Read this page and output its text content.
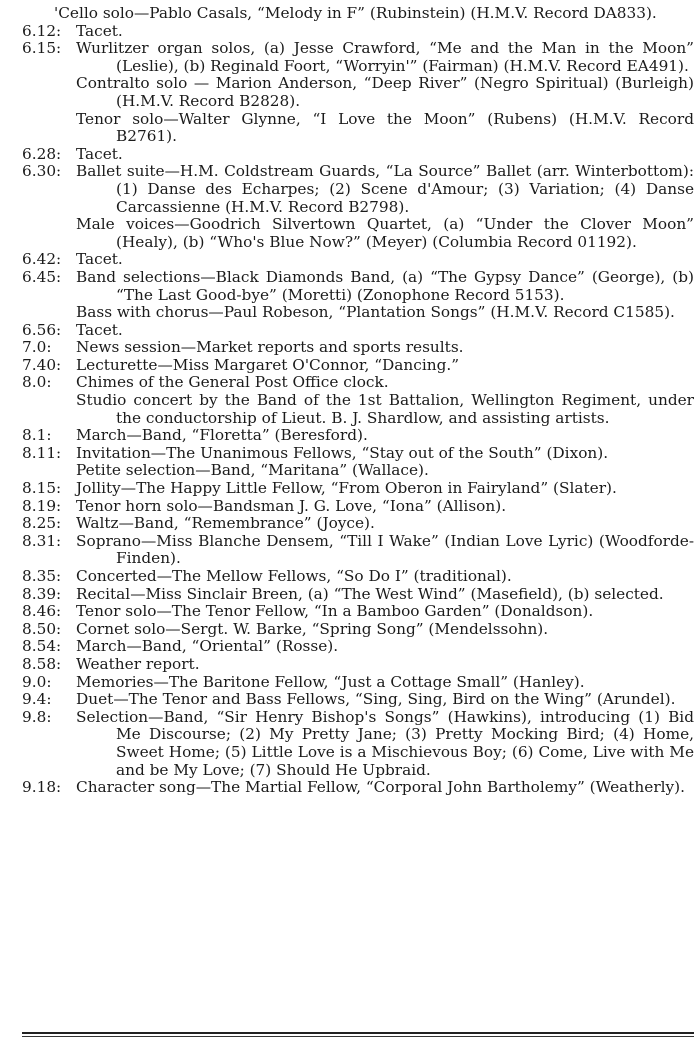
'Cello solo—Pablo Casals, “Melody in F” (Rubinstein) (H.M.V. Record DA833).
6.12: Tacet.
6.15: Wurlitzer organ solos, (a) Jesse Crawford, “Me and the Man in the Moon” (Leslie), (b) Reginald Foort, “Worryin'” (Fairman) (H.M.V. Record EA491).
Contralto solo — Marion Anderson, “Deep River” (Negro Spiritual) (Burleigh) (H.M.V. Record B2828).
Tenor solo—Walter Glynne, “I Love the Moon” (Rubens) (H.M.V. Record B2761).
6.28: Tacet.
6.30: Ballet suite—H.M. Coldstream Guards, “La Source” Ballet (arr. Winterbottom): (1) Danse des Echarpes; (2) Scene d'Amour; (3) Variation; (4) Danse Carcassienne (H.M.V. Record B2798).
Male voices—Goodrich Silvertown Quartet, (a) “Under the Clover Moon” (Healy), (b) “Who's Blue Now?” (Meyer) (Columbia Record 01192).
6.42: Tacet.
6.45: Band selections—Black Diamonds Band, (a) “The Gypsy Dance” (George), (b) “The Last Good-bye” (Moretti) (Zonophone Record 5153).
Bass with chorus—Paul Robeson, “Plantation Songs” (H.M.V. Record C1585).
6.56: Tacet.
7.0:	News session—Market reports and sports results.
7.40: Lecturette—Miss Margaret O'Connor, “Dancing.”
8.0:	Chimes of the General Post Office clock.
Studio concert by the Band of the 1st Battalion, Wellington Regiment, under the conductorship of Lieut. B. J. Shardlow, and assisting artists.
8.1:	March—Band, “Floretta” (Beresford).
8.11: Invitation—The Unanimous Fellows, “Stay out of the South” (Dixon).
Petite selection—Band, “Maritana” (Wallace).
8.15: Jollity—The Happy Little Fellow, “From Oberon in Fairyland” (Slater).
8.19: Tenor horn solo—Bandsman J. G. Love, “Iona” (Allison).
8.25: Waltz—Band, “Remembrance” (Joyce).
8.31: Soprano—Miss Blanche Densem, “Till I Wake” (Indian Love Lyric) (Woodforde-Finden).
8.35: Concerted—The Mellow Fellows, “So Do I” (traditional).
8.39: Recital—Miss Sinclair Breen, (a) “The West Wind” (Masefield), (b) selected.
8.46: Tenor solo—The Tenor Fellow, “In a Bamboo Garden” (Donaldson).
8.50: Cornet solo—Sergt. W. Barke, “Spring Song” (Mendelssohn).
8.54: March—Band, “Oriental” (Rosse).
8.58: Weather report.
9.0:	Memories—The Baritone Fellow, “Just a Cottage Small” (Hanley).
9.4:	Duet—The Tenor and Bass Fellows, “Sing, Sing, Bird on the Wing” (Arundel).
9.8:	Selection—Band, “Sir Henry Bishop's Songs” (Hawkins), introducing (1) Bid Me Discourse; (2) My Pretty Jane; (3) Pretty Mocking Bird; (4) Home, Sweet Home; (5) Little Love is a Mischievous Boy; (6) Come, Live with Me and be My Love; (7) Should He Upbraid.
9.18: Character song—The Martial Fellow, “Corporal John Bartholemy” (Weatherly).
